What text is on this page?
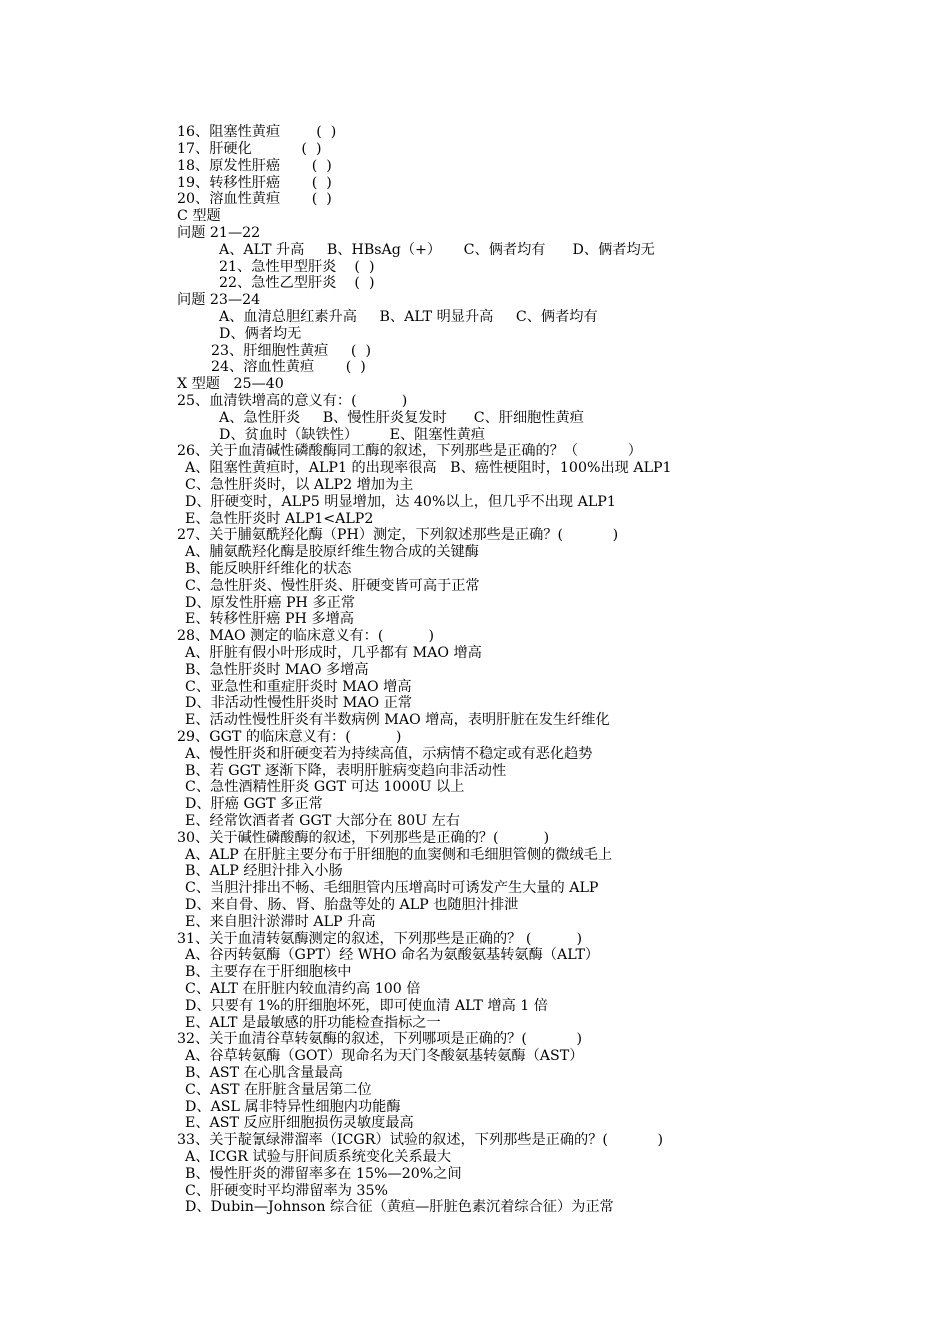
16、阻塞性黄疸        (  )
17、肝硬化           (  )
18、原发性肝癌       (  )
19、转移性肝癌       (  )
20、溶血性黄疸       (  )
C 型题
问题 21—22
A、ALT 升高     B、HBsAg（+）     C、俩者均有      D、俩者均无
21、急性甲型肝炎    (  )
22、急性乙型肝炎    (  )
问题 23—24
A、血清总胆红素升高     B、ALT 明显升高     C、俩者均有
D、俩者均无
23、肝细胞性黄疸     (  )
24、溶血性黄疸       (  )
X 型题   25—40
25、血清铁增高的意义有：(          )
A、急性肝炎     B、慢性肝炎复发时      C、肝细胞性黄疸
D、贫血时（缺铁性）       E、阻塞性黄疸
26、关于血清碱性磷酸酶同工酶的叙述，下列那些是正确的？（           ）
A、阻塞性黄疸时，ALP1 的出现率很高   B、癌性梗阻时，100%出现 ALP1
C、急性肝炎时，以 ALP2 增加为主
D、肝硬变时，ALP5 明显增加，达 40%以上，但几乎不出现 ALP1
E、急性肝炎时 ALP1<ALP2
27、关于脯氨酰羟化酶（PH）测定，下列叙述那些是正确？(           )
A、脯氨酰羟化酶是胶原纤维生物合成的关键酶
B、能反映肝纤维化的状态
C、急性肝炎、慢性肝炎、肝硬变皆可高于正常
D、原发性肝癌 PH 多正常
E、转移性肝癌 PH 多增高
28、MAO 测定的临床意义有：(          )
A、肝脏有假小叶形成时，几乎都有 MAO 增高
B、急性肝炎时 MAO 多增高
C、亚急性和重症肝炎时 MAO 增高
D、非活动性慢性肝炎时 MAO 正常
E、活动性慢性肝炎有半数病例 MAO 增高，表明肝脏在发生纤维化
29、GGT 的临床意义有：(          )
A、慢性肝炎和肝硬变若为持续高值，示病情不稳定或有恶化趋势
B、若 GGT 逐渐下降，表明肝脏病变趋向非活动性
C、急性酒精性肝炎 GGT 可达 1000U 以上
D、肝癌 GGT 多正常
E、经常饮酒者者 GGT 大部分在 80U 左右
30、关于碱性磷酸酶的叙述，下列那些是正确的？(          )
A、ALP 在肝脏主要分布于肝细胞的血窦侧和毛细胆管侧的微绒毛上
B、ALP 经胆汁排入小肠
C、当胆汁排出不畅、毛细胆管内压增高时可诱发产生大量的 ALP
D、来自骨、肠、肾、胎盘等处的 ALP 也随胆汁排泄
E、来自胆汁淤滞时 ALP 升高
31、关于血清转氨酶测定的叙述，下列那些是正确的？ (          )
A、谷丙转氨酶（GPT）经 WHO 命名为氨酸氨基转氨酶（ALT）
B、主要存在于肝细胞核中
C、ALT 在肝脏内较血清约高 100 倍
D、只要有 1%的肝细胞坏死，即可使血清 ALT 增高 1 倍
E、ALT 是最敏感的肝功能检查指标之一
32、关于血清谷草转氨酶的叙述，下列哪项是正确的？(           )
A、谷草转氨酶（GOT）现命名为天门冬酸氨基转氨酶（AST）
B、AST 在心肌含量最高
C、AST 在肝脏含量居第二位
D、ASL 属非特异性细胞内功能酶
E、AST 反应肝细胞损伤灵敏度最高
33、关于靛氰绿滞溜率（ICGR）试验的叙述，下列那些是正确的？(           )
A、ICGR 试验与肝间质系统变化关系最大
B、慢性肝炎的滞留率多在 15%—20%之间
C、肝硬变时平均滞留率为 35%
D、Dubin—Johnson 综合征（黄疸—肝脏色素沉着综合征）为正常
